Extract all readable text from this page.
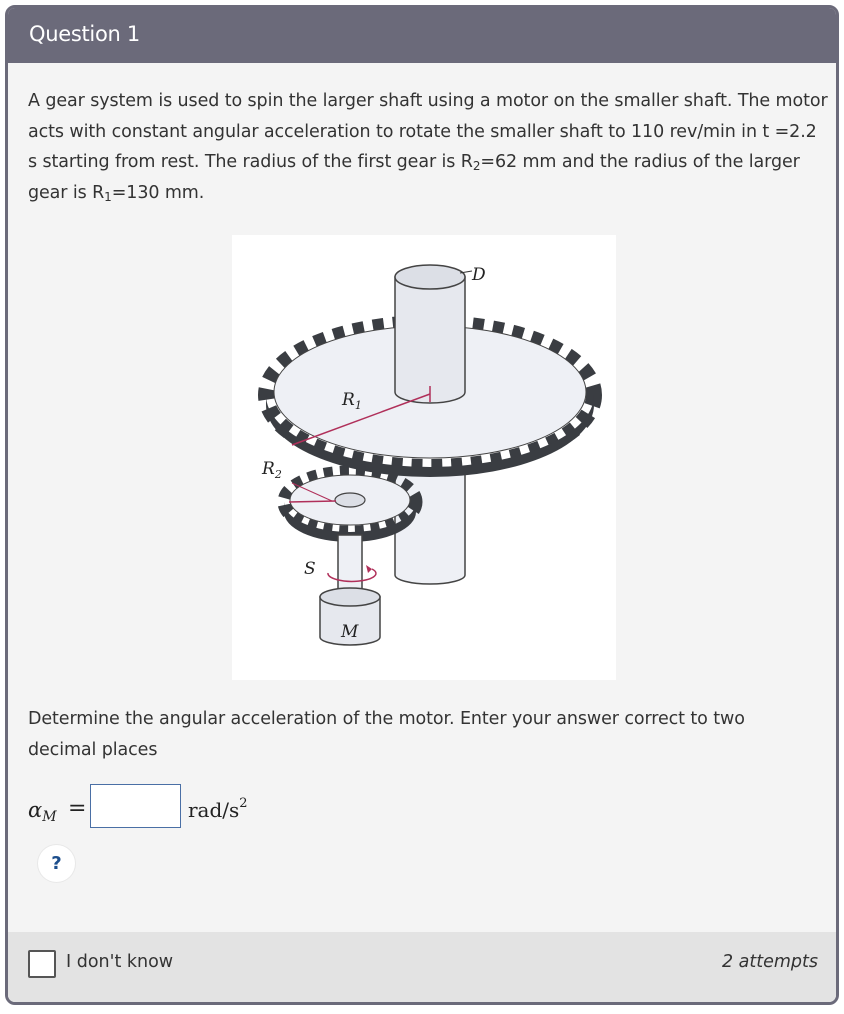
Question 1
A gear system is used to spin the larger shaft using a motor on the smaller shaft. The motor acts with constant angular acceleration to rotate the smaller shaft to 110 rev/min in t =2.2 s starting from rest. The radius of the first gear is $R_2=62$ mm and the radius of the larger gear is $R_1=130$ mm.
D
$R_1$
$R_2$
S
M
Determine the angular acceleration of the motor. Enter your answer correct to two decimal places
$\alpha_M$ =	rad/$s^2$
?
I don't know	2 attempts
